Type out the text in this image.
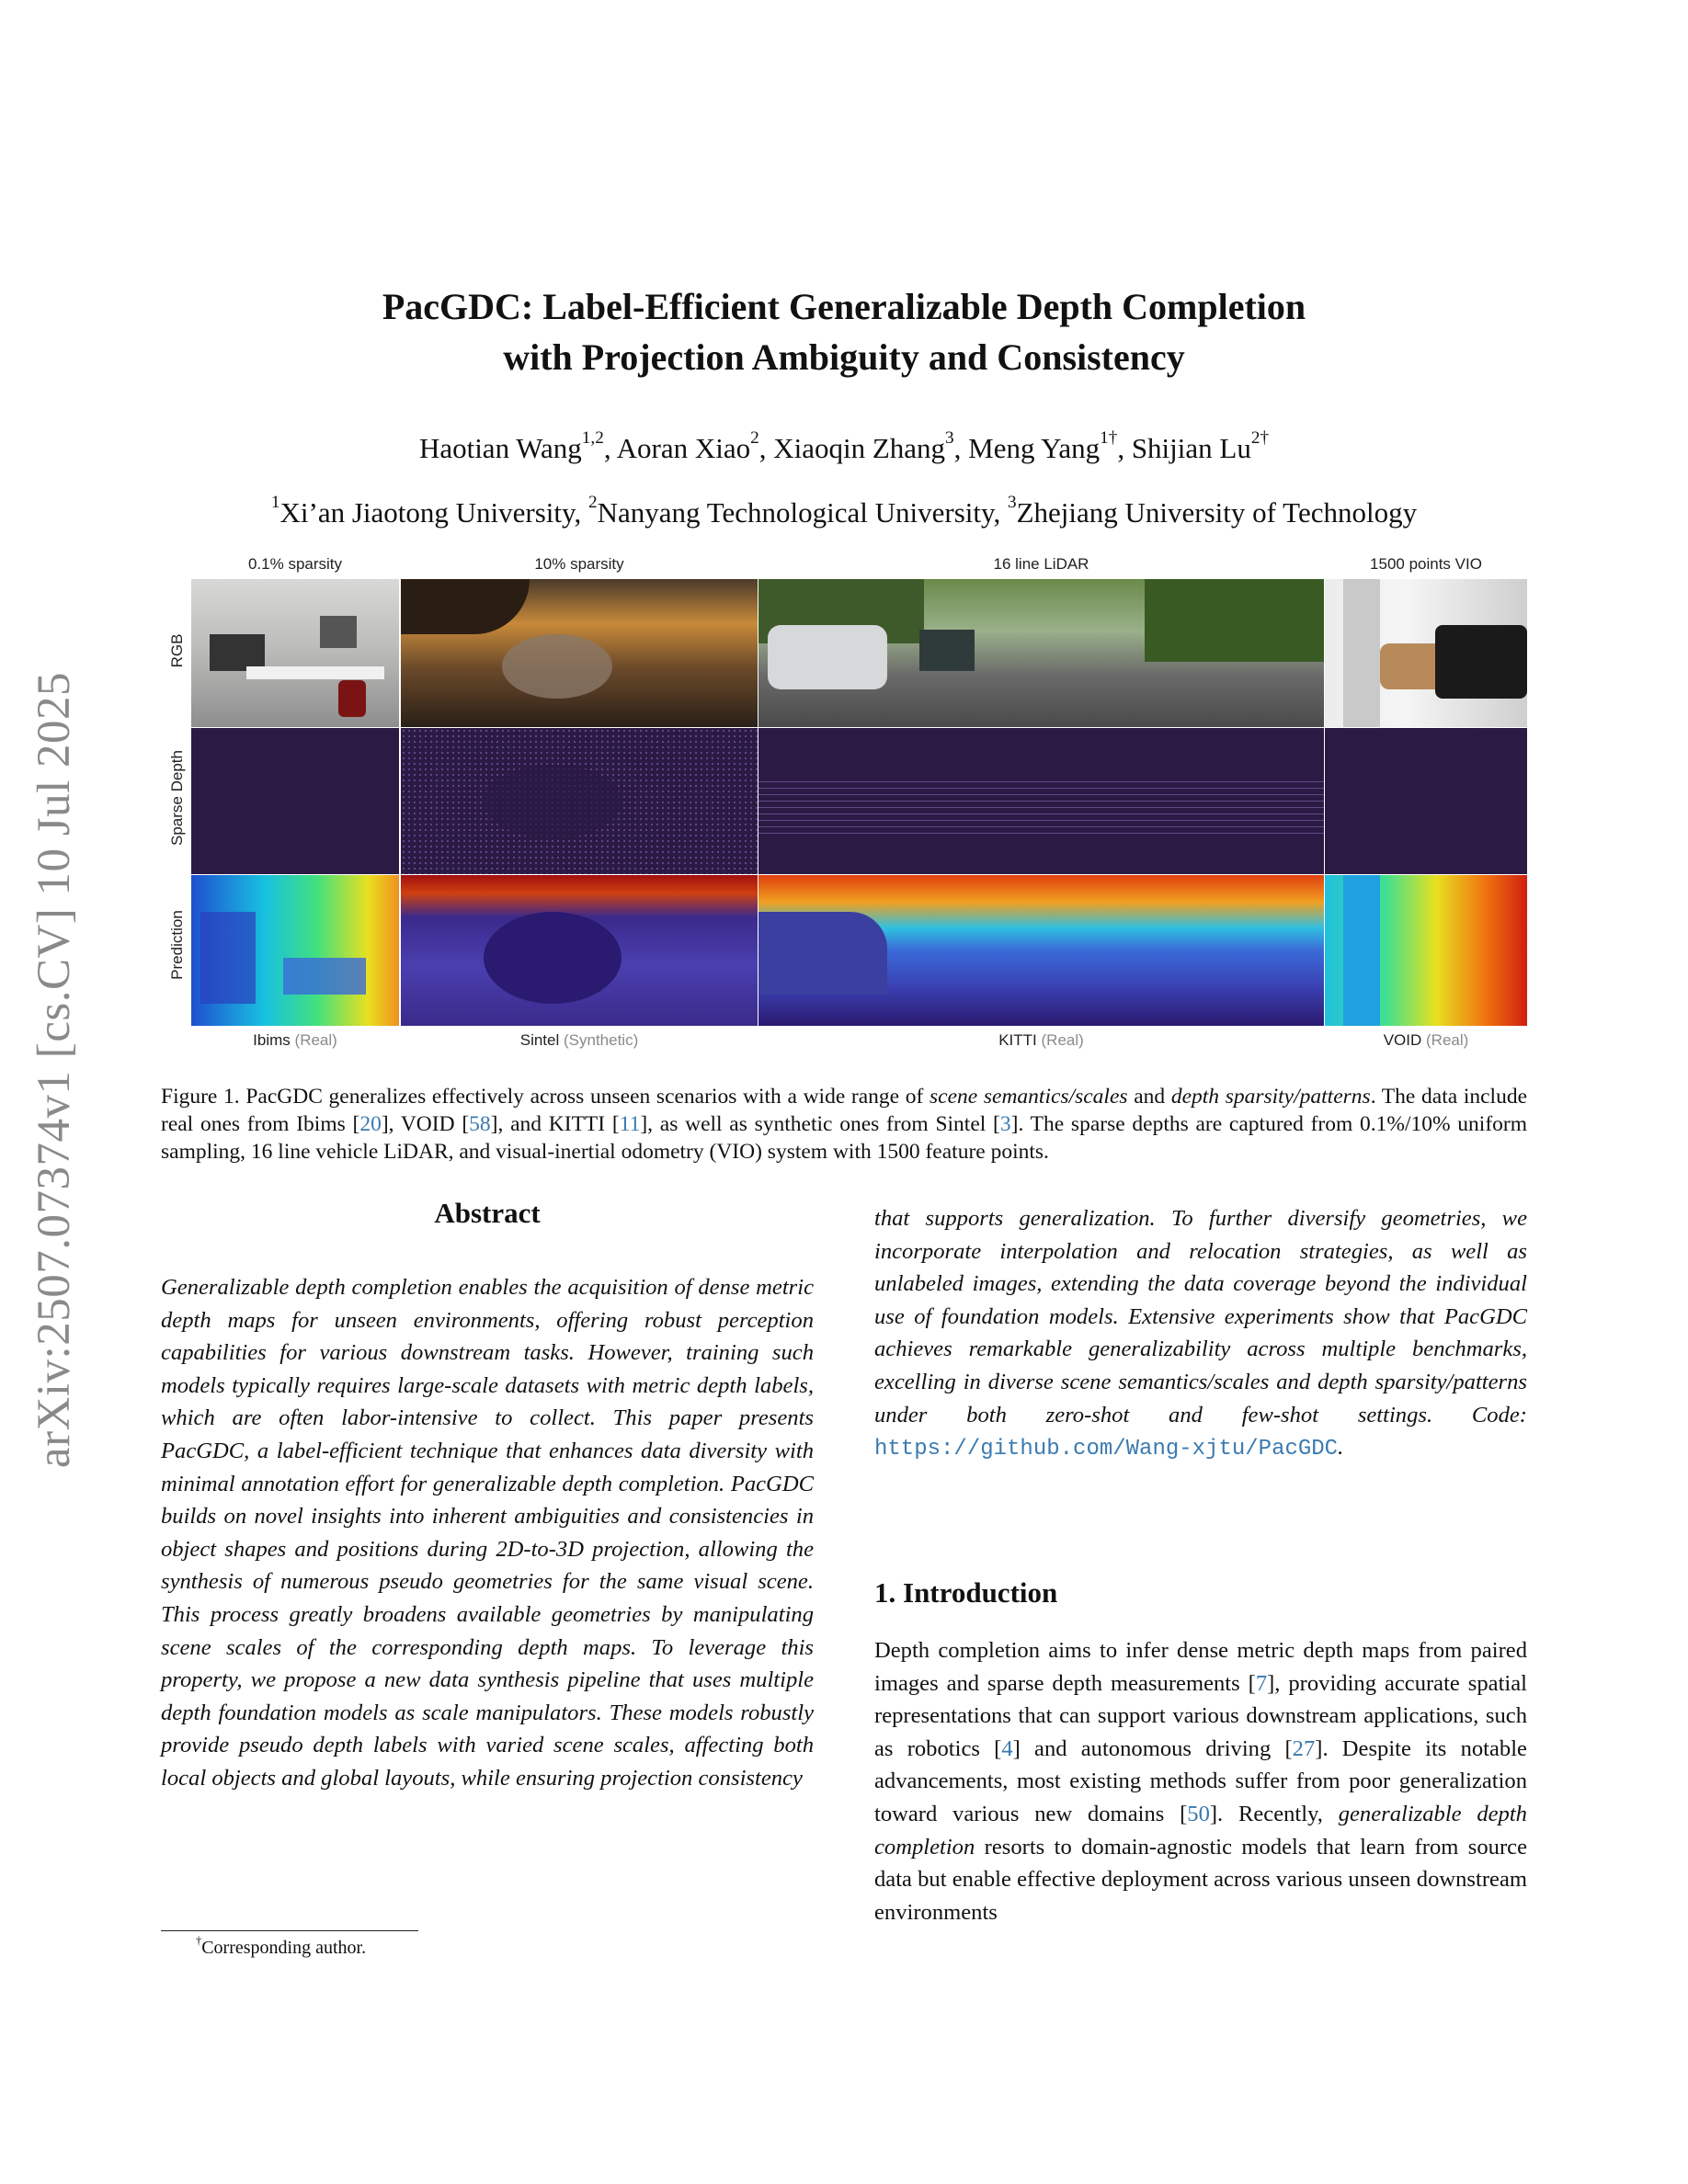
arXiv:2507.07374v1 [cs.CV] 10 Jul 2025
PacGDC: Label-Efficient Generalizable Depth Completion
with Projection Ambiguity and Consistency
Haotian Wang$^{1,2}$, Aoran Xiao$^2$, Xiaoqin Zhang$^3$, Meng Yang$^{1\dagger}$, Shijian $Lu^{2\dagger}$
$^1$Xi’an Jiaotong University, $^2$Nanyang Technological University, $^3$Zhejiang University of Technology
0.1% sparsity	10% sparsity	16 line LiDAR	1500 points VIO
RGB
Sparse Depth
Prediction
Ibims (Real)	Sintel (Synthetic)	KITTI (Real)	VOID (Real)
Figure 1. PacGDC generalizes effectively across unseen scenarios with a wide range of scene semantics/scales and depth sparsity/patterns. The data include real ones from Ibims [20], VOID [58], and KITTI [11], as well as synthetic ones from Sintel [3]. The sparse depths are captured from 0.1%/10% uniform sampling, 16 line vehicle LiDAR, and visual-inertial odometry (VIO) system with 1500 feature points.
Abstract
Generalizable depth completion enables the acquisition of dense metric depth maps for unseen environments, offering robust perception capabilities for various downstream tasks. However, training such models typically requires large-scale datasets with metric depth labels, which are often labor-intensive to collect. This paper presents PacGDC, a label-efficient technique that enhances data diversity with minimal annotation effort for generalizable depth completion. PacGDC builds on novel insights into inherent ambiguities and consistencies in object shapes and positions during 2D-to-3D projection, allowing the synthesis of numerous pseudo geometries for the same visual scene. This process greatly broadens available geometries by manipulating scene scales of the corresponding depth maps. To leverage this property, we propose a new data synthesis pipeline that uses multiple depth foundation models as scale manipulators. These models robustly provide pseudo depth labels with varied scene scales, affecting both local objects and global layouts, while ensuring projection consistency
that supports generalization. To further diversify geometries, we incorporate interpolation and relocation strategies, as well as unlabeled images, extending the data coverage beyond the individual use of foundation models. Extensive experiments show that PacGDC achieves remarkable generalizability across multiple benchmarks, excelling in diverse scene semantics/scales and depth sparsity/patterns under both zero-shot and few-shot settings. Code: https://github.com/Wang-xjtu/PacGDC.
1. Introduction
Depth completion aims to infer dense metric depth maps from paired images and sparse depth measurements [7], providing accurate spatial representations that can support various downstream applications, such as robotics [4] and autonomous driving [27]. Despite its notable advancements, most existing methods suffer from poor generalization toward various new domains [50]. Recently, generalizable depth completion resorts to domain-agnostic models that learn from source data but enable effective deployment across various unseen downstream environments
†Corresponding author.
